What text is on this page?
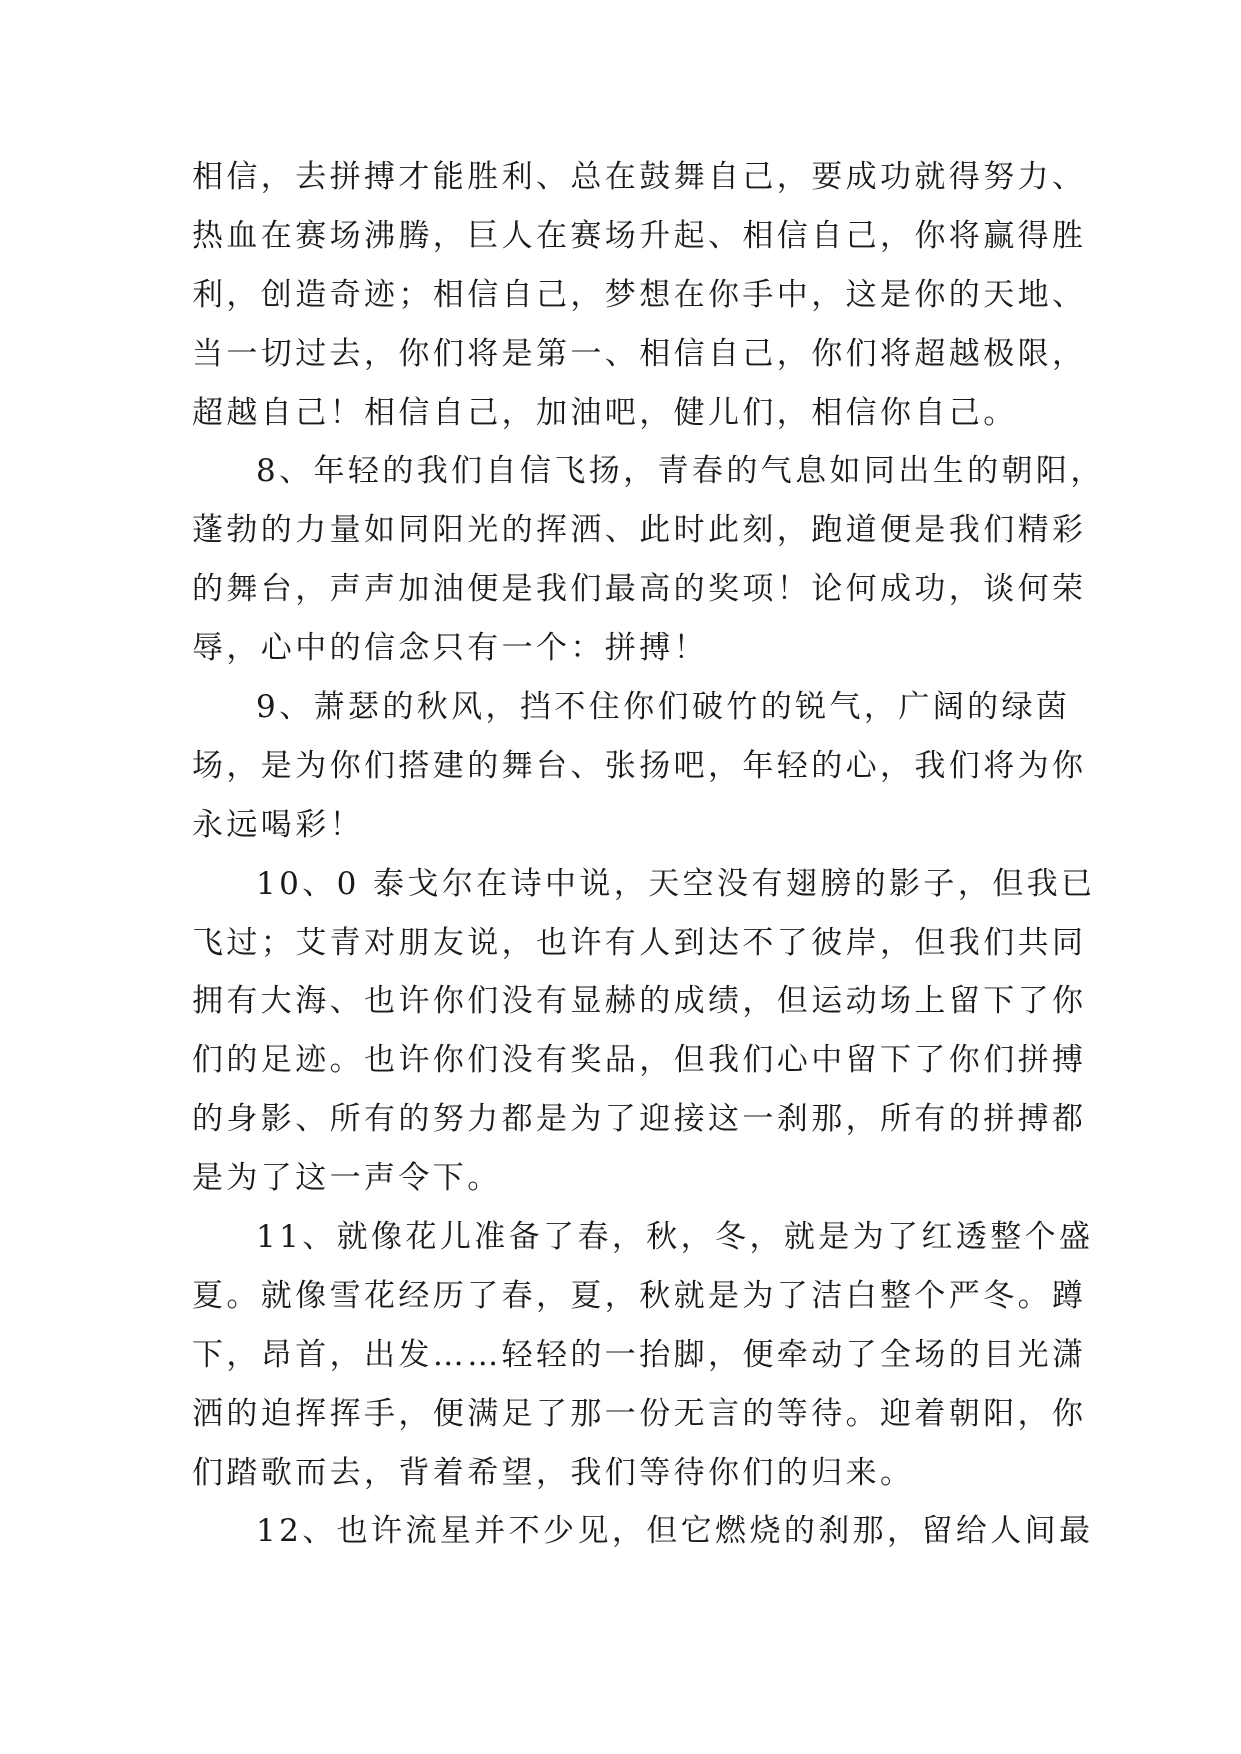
相信，去拼搏才能胜利、总在鼓舞自己，要成功就得努力、
热血在赛场沸腾，巨人在赛场升起、相信自己，你将赢得胜
利，创造奇迹；相信自己，梦想在你手中，这是你的天地、
当一切过去，你们将是第一、相信自己，你们将超越极限，
超越自己！相信自己，加油吧，健儿们，相信你自己。
8、年轻的我们自信飞扬，青春的气息如同出生的朝阳，
蓬勃的力量如同阳光的挥洒、此时此刻，跑道便是我们精彩
的舞台，声声加油便是我们最高的奖项！论何成功，谈何荣
辱，心中的信念只有一个：拼搏！
9、萧瑟的秋风，挡不住你们破竹的锐气，广阔的绿茵
场，是为你们搭建的舞台、张扬吧，年轻的心，我们将为你
永远喝彩！
10、0 泰戈尔在诗中说，天空没有翅膀的影子，但我已
飞过；艾青对朋友说，也许有人到达不了彼岸，但我们共同
拥有大海、也许你们没有显赫的成绩，但运动场上留下了你
们的足迹。也许你们没有奖品，但我们心中留下了你们拼搏
的身影、所有的努力都是为了迎接这一刹那，所有的拼搏都
是为了这一声令下。
11、就像花儿准备了春，秋，冬，就是为了红透整个盛
夏。就像雪花经历了春，夏，秋就是为了洁白整个严冬。蹲
下，昂首，出发……轻轻的一抬脚，便牵动了全场的目光潇
洒的迫挥挥手，便满足了那一份无言的等待。迎着朝阳，你
们踏歌而去，背着希望，我们等待你们的归来。
12、也许流星并不少见，但它燃烧的刹那，留给人间最
